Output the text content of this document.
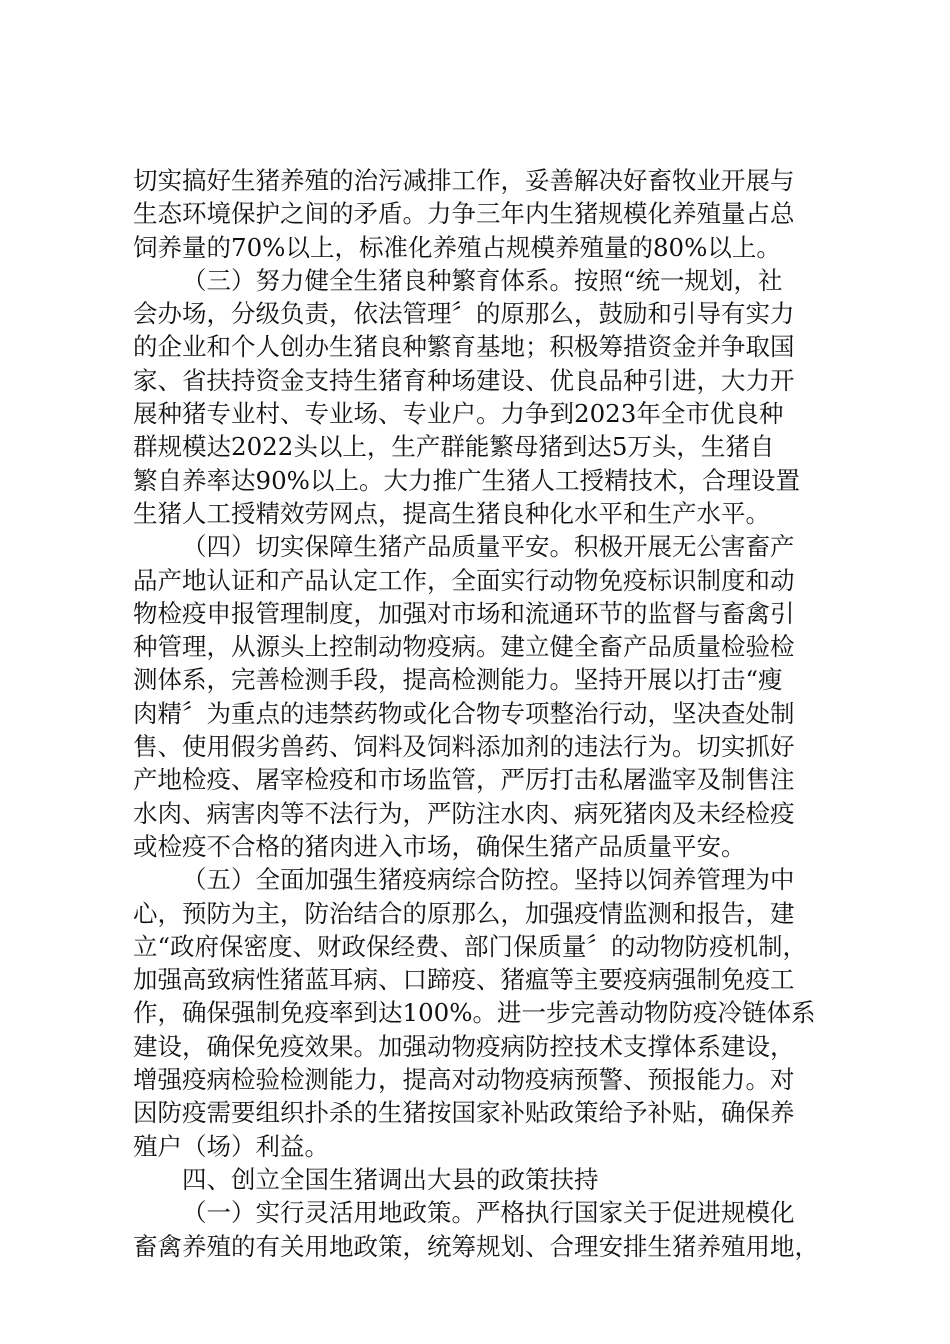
切实搞好生猪养殖的治污减排工作，妥善解决好畜牧业开展与
生态环境保护之间的矛盾。力争三年内生猪规模化养殖量占总
饲养量的70%以上，标准化养殖占规模养殖量的80%以上。

（三）努力健全生猪良种繁育体系。按照“统一规划，社
会办场，分级负责，依法管理〞的原那么，鼓励和引导有实力
的企业和个人创办生猪良种繁育基地；积极筹措资金并争取国
家、省扶持资金支持生猪育种场建设、优良品种引进，大力开
展种猪专业村、专业场、专业户。力争到2023年全市优良种
群规模达2022头以上，生产群能繁母猪到达5万头，生猪自
繁自养率达90%以上。大力推广生猪人工授精技术，合理设置
生猪人工授精效劳网点，提高生猪良种化水平和生产水平。

（四）切实保障生猪产品质量平安。积极开展无公害畜产
品产地认证和产品认定工作，全面实行动物免疫标识制度和动
物检疫申报管理制度，加强对市场和流通环节的监督与畜禽引
种管理，从源头上控制动物疫病。建立健全畜产品质量检验检
测体系，完善检测手段，提高检测能力。坚持开展以打击“瘦
肉精〞为重点的违禁药物或化合物专项整治行动，坚决查处制
售、使用假劣兽药、饲料及饲料添加剂的违法行为。切实抓好
产地检疫、屠宰检疫和市场监管，严厉打击私屠滥宰及制售注
水肉、病害肉等不法行为，严防注水肉、病死猪肉及未经检疫
或检疫不合格的猪肉进入市场，确保生猪产品质量平安。

（五）全面加强生猪疫病综合防控。坚持以饲养管理为中
心，预防为主，防治结合的原那么，加强疫情监测和报告，建
立“政府保密度、财政保经费、部门保质量〞的动物防疫机制，
加强高致病性猪蓝耳病、口蹄疫、猪瘟等主要疫病强制免疫工
作，确保强制免疫率到达100%。进一步完善动物防疫冷链体系
建设，确保免疫效果。加强动物疫病防控技术支撑体系建设，
增强疫病检验检测能力，提高对动物疫病预警、预报能力。对
因防疫需要组织扑杀的生猪按国家补贴政策给予补贴，确保养
殖户（场）利益。

四、创立全国生猪调出大县的政策扶持

（一）实行灵活用地政策。严格执行国家关于促进规模化
畜禽养殖的有关用地政策，统筹规划、合理安排生猪养殖用地，
